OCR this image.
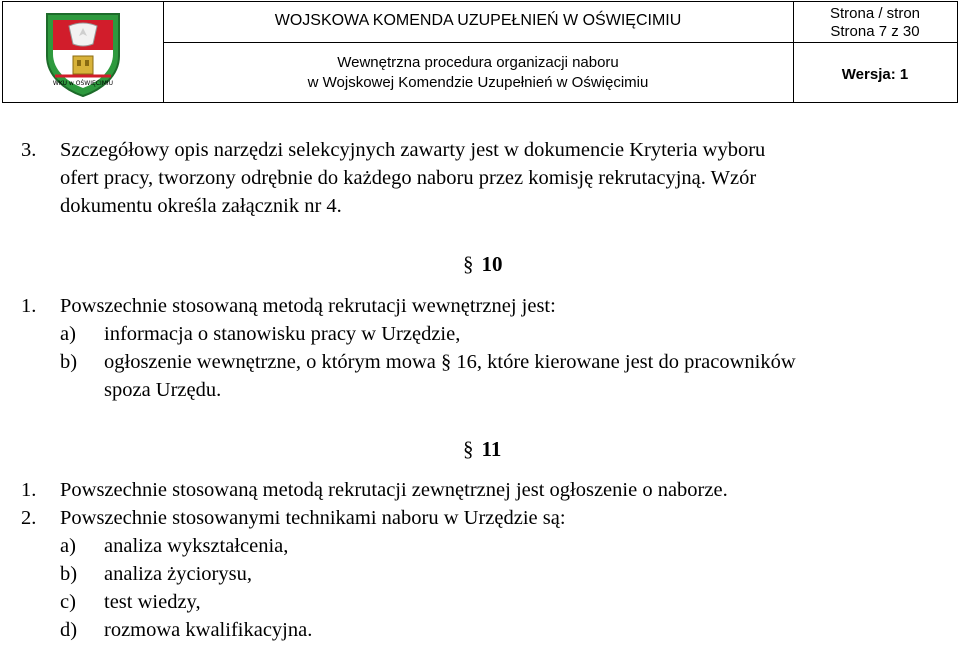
WKU w OŚWIĘCIMIU
WOJSKOWA KOMENDA UZUPEŁNIEŃ W OŚWIĘCIMIU
Wewnętrzna procedura organizacji naboru
w Wojskowej Komendzie Uzupełnień w Oświęcimiu
Strona / stron
Strona 7 z 30
Wersja: 1
3. Szczegółowy opis narzędzi selekcyjnych zawarty jest w dokumencie Kryteria wyboru
ofert pracy, tworzony odrębnie do każdego naboru przez komisję rekrutacyjną. Wzór
dokumentu określa załącznik nr 4.
§ 10
1. Powszechnie stosowaną metodą rekrutacji wewnętrznej jest:
a) informacja o stanowisku pracy w Urzędzie,
b) ogłoszenie wewnętrzne, o którym mowa § 16, które kierowane jest do pracowników
spoza Urzędu.
§ 11
1. Powszechnie stosowaną metodą rekrutacji zewnętrznej jest ogłoszenie o naborze.
2. Powszechnie stosowanymi technikami naboru w Urzędzie są:
a) analiza wykształcenia,
b) analiza życiorysu,
c) test wiedzy,
d) rozmowa kwalifikacyjna.
